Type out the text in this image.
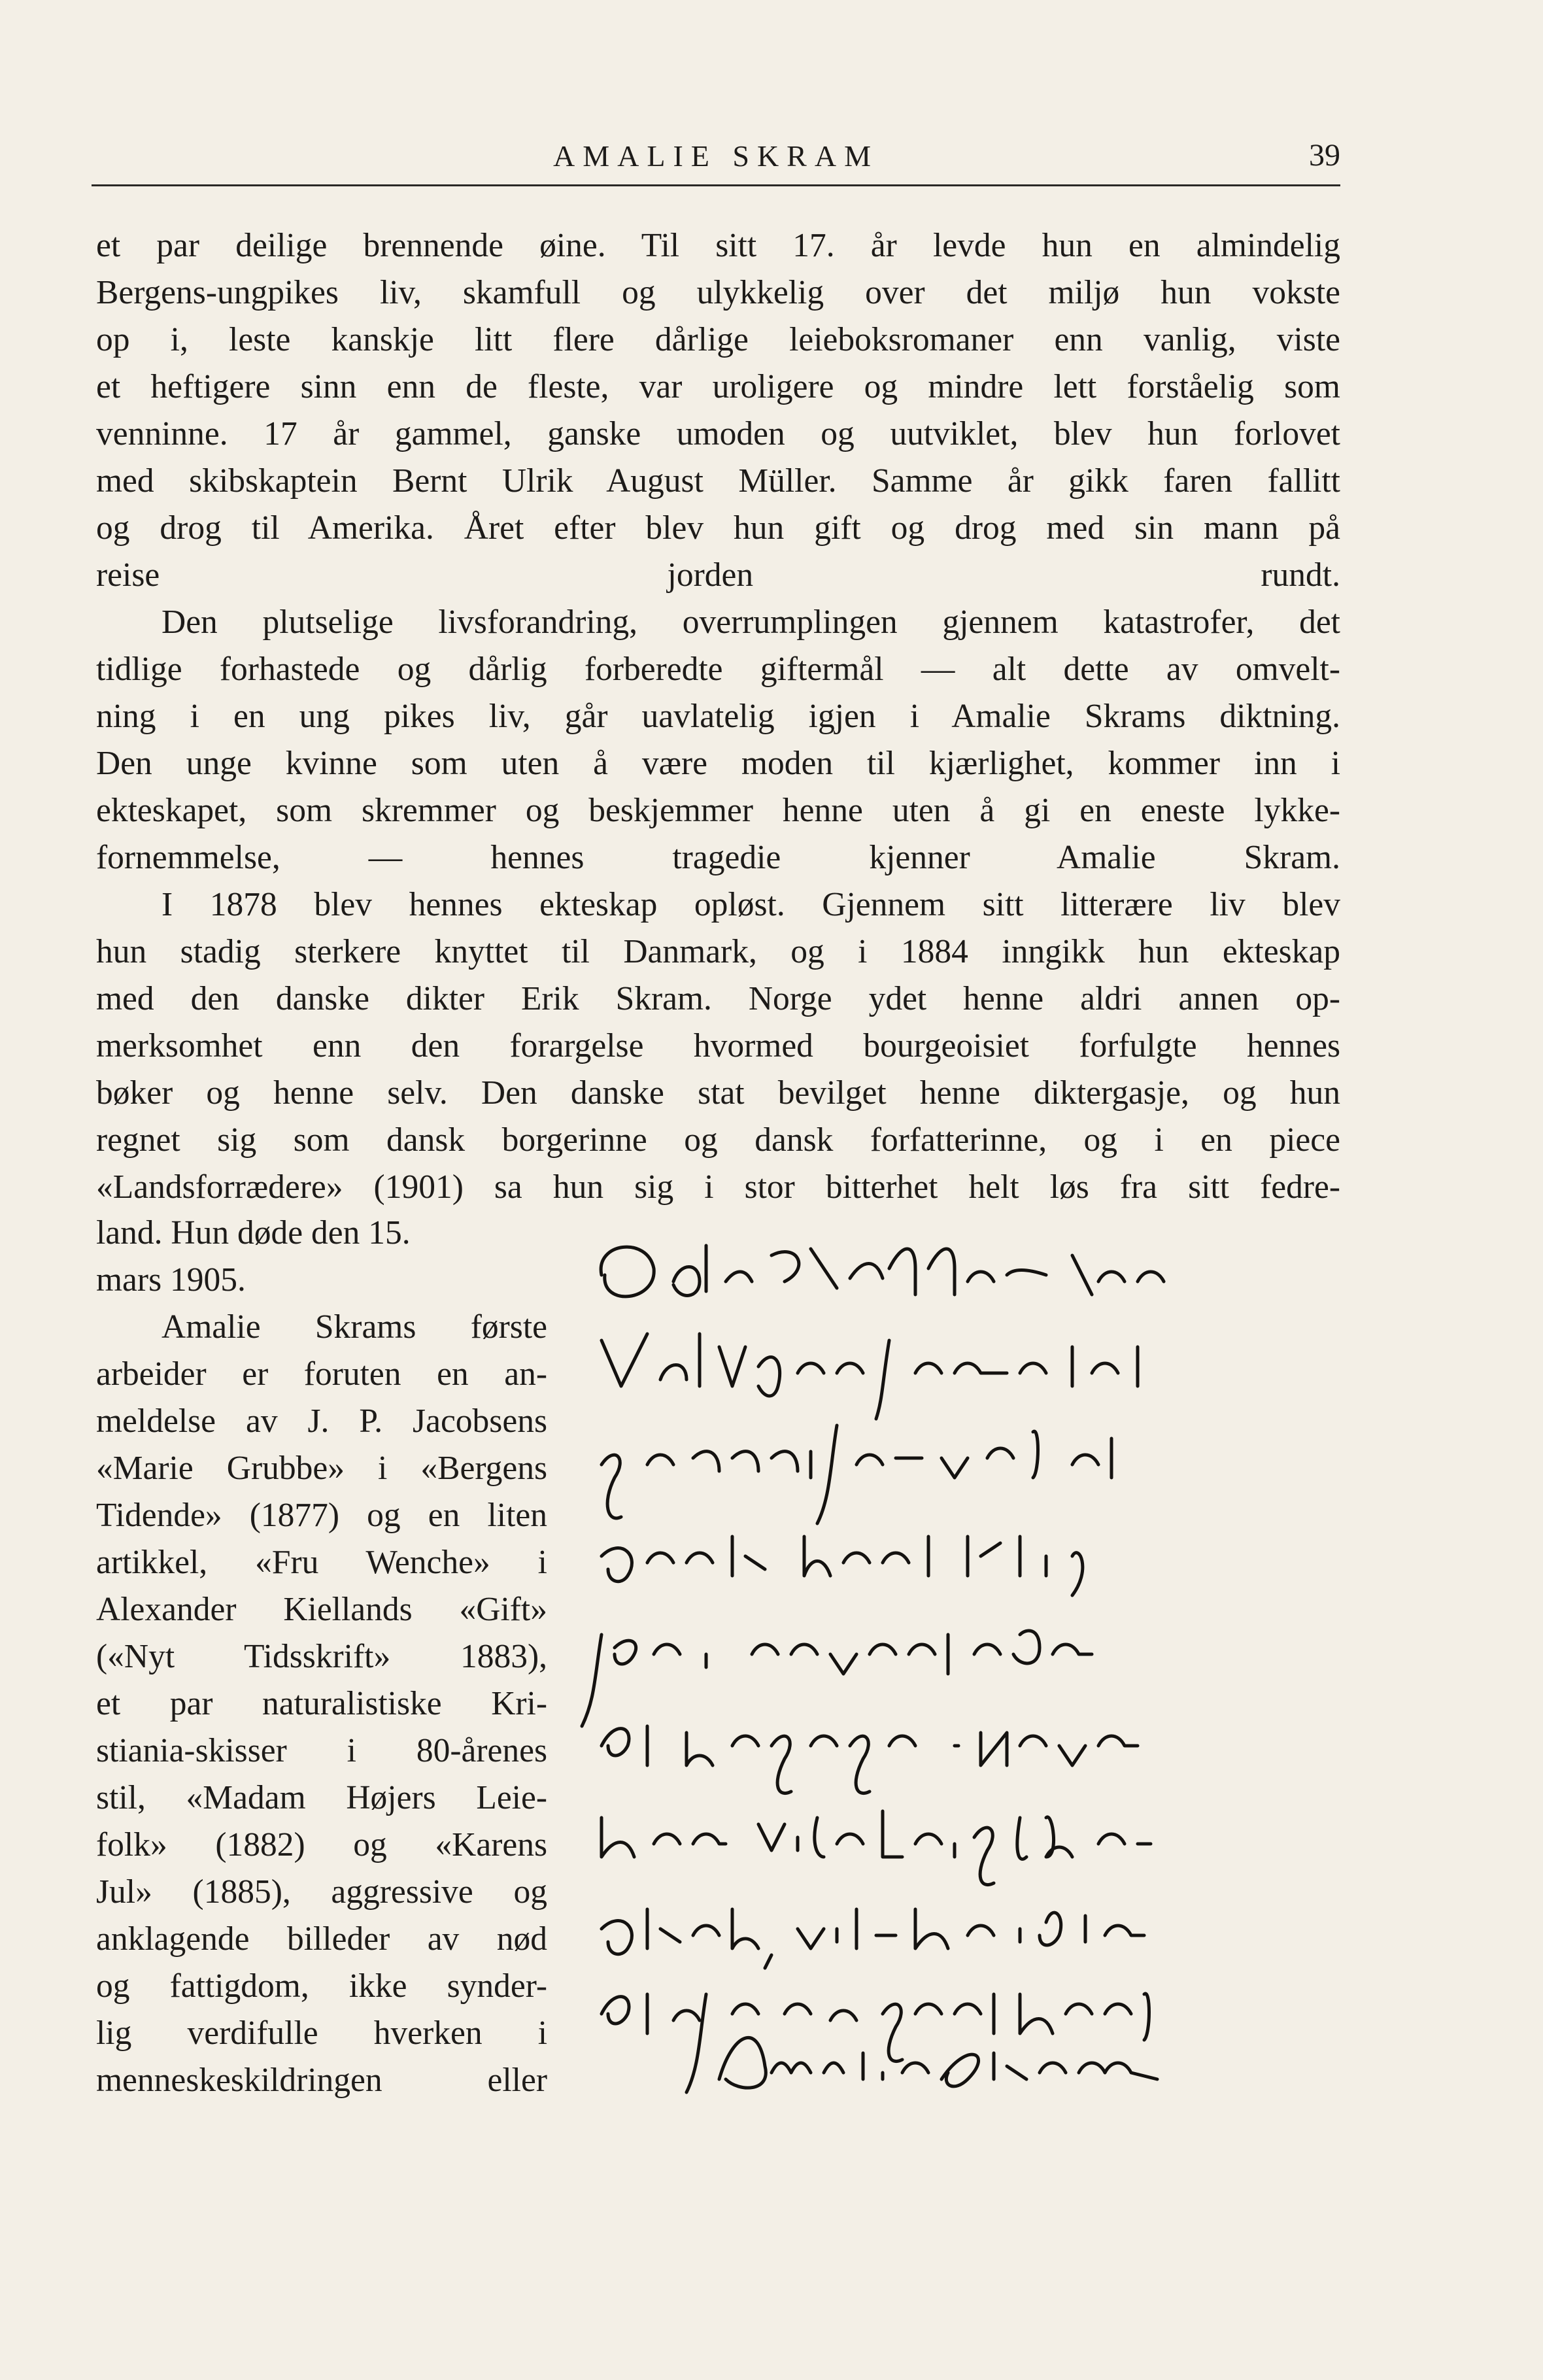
AMALIE SKRAM	39
et par deilige brennende øine. Til sitt 17. år levde hun en almindelig
Bergens-ungpikes liv, skamfull og ulykkelig over det miljø hun vokste
op i, leste kanskje litt flere dårlige leieboksromaner enn vanlig, viste
et heftigere sinn enn de fleste, var uroligere og mindre lett forståelig som
venninne. 17 år gammel, ganske umoden og uutviklet, blev hun forlovet
med skibskaptein Bernt Ulrik August Müller. Samme år gikk faren fallitt
og drog til Amerika. Året efter blev hun gift og drog med sin mann på
reise jorden rundt.
Den plutselige livsforandring, overrumplingen gjennem katastrofer, det
tidlige forhastede og dårlig forberedte giftermål — alt dette av omvelt-
ning i en ung pikes liv, går uavlatelig igjen i Amalie Skrams diktning.
Den unge kvinne som uten å være moden til kjærlighet, kommer inn i
ekteskapet, som skremmer og beskjemmer henne uten å gi en eneste lykke-
fornemmelse, — hennes tragedie kjenner Amalie Skram.
I 1878 blev hennes ekteskap opløst. Gjennem sitt litterære liv blev
hun stadig sterkere knyttet til Danmark, og i 1884 inngikk hun ekteskap
med den danske dikter Erik Skram. Norge ydet henne aldri annen op-
merksomhet enn den forargelse hvormed bourgeoisiet forfulgte hennes
bøker og henne selv. Den danske stat bevilget henne diktergasje, og hun
regnet sig som dansk borgerinne og dansk forfatterinne, og i en piece
«Landsforrædere» (1901) sa hun sig i stor bitterhet helt løs fra sitt fedre-
land. Hun døde den 15.
mars 1905.
Amalie Skrams første
arbeider er foruten en an-
meldelse av J. P. Jacobsens
«Marie Grubbe» i «Bergens
Tidende» (1877) og en liten
artikkel, «Fru Wenche» i
Alexander Kiellands «Gift»
(«Nyt Tidsskrift» 1883),
et par naturalistiske Kri-
stiania-skisser i 80-årenes
stil, «Madam Højers Leie-
folk» (1882) og «Karens
Jul» (1885), aggressive og
anklagende billeder av nød
og fattigdom, ikke synder-
lig verdifulle hverken i
menneskeskildringen eller
